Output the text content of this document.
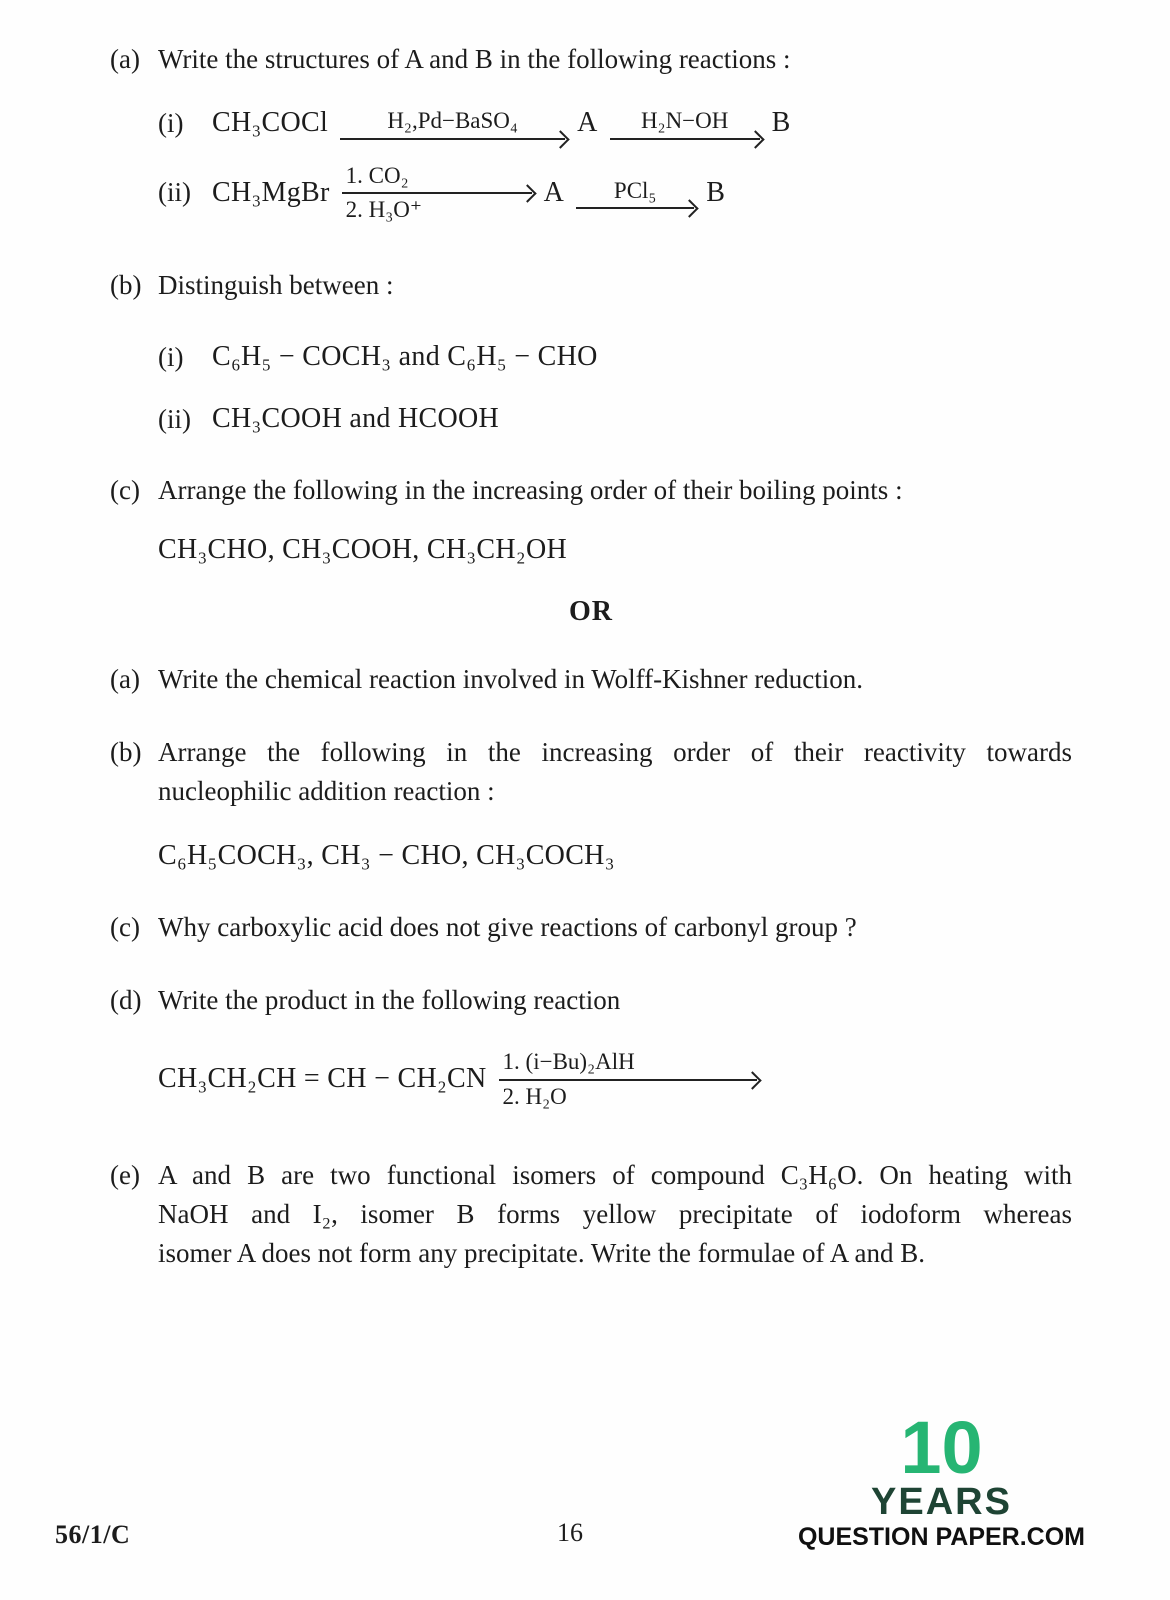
(a) Write the structures of A and B in the following reactions :
(i)	CH₃COCl	H₂,Pd−BaSO₄	A	H₂N−OH	B
(ii) CH₃MgBr
1. CO₂
2. H₃O⁺
A	PCl₅	B
(b) Distinguish between :
(i)	C₆H₅ − COCH₃ and C₆H₅ − CHO
(ii) CH₃COOH and HCOOH
(c) Arrange the following in the increasing order of their boiling points :
CH₃CHO, CH₃COOH, CH₃CH₂OH
OR
(a) Write the chemical reaction involved in Wolff-Kishner reduction.
(b) Arrange the following in the increasing order of their reactivity towards
nucleophilic addition reaction :
C₆H₅COCH₃, CH₃ − CHO, CH₃COCH₃
(c) Why carboxylic acid does not give reactions of carbonyl group ?
(d) Write the product in the following reaction
CH₃CH₂CH = CH − CH₂CN
1. (i−Bu)₂AlH
2. H₂O
(e) A and B are two functional isomers of compound C₃H₆O. On heating with
NaOH and I₂, isomer B forms yellow precipitate of iodoform whereas
isomer A does not form any precipitate. Write the formulae of A and B.
56/1/C	16
10
YEARS
QUESTION PAPER.COM
